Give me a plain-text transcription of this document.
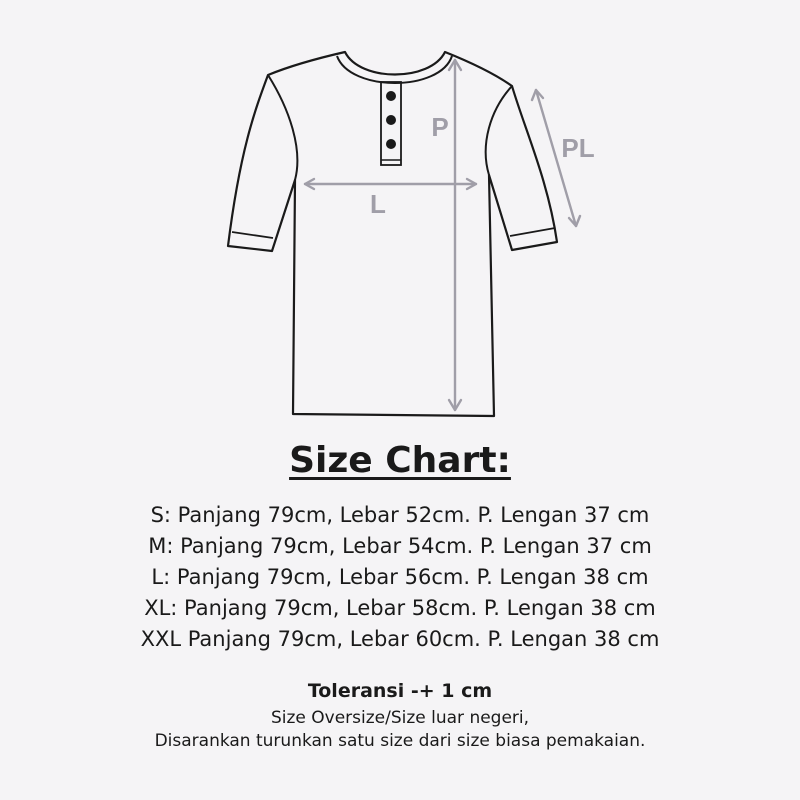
P
L
PL
Size Chart:
S: Panjang 79cm, Lebar 52cm. P. Lengan 37 cm
M: Panjang 79cm, Lebar 54cm. P. Lengan 37 cm
L: Panjang 79cm, Lebar 56cm. P. Lengan 38 cm
XL: Panjang 79cm, Lebar 58cm. P. Lengan 38 cm
XXL Panjang 79cm, Lebar 60cm. P. Lengan 38 cm
Toleransi -+ 1 cm
Size Oversize/Size luar negeri,
Disarankan turunkan satu size dari size biasa pemakaian.
